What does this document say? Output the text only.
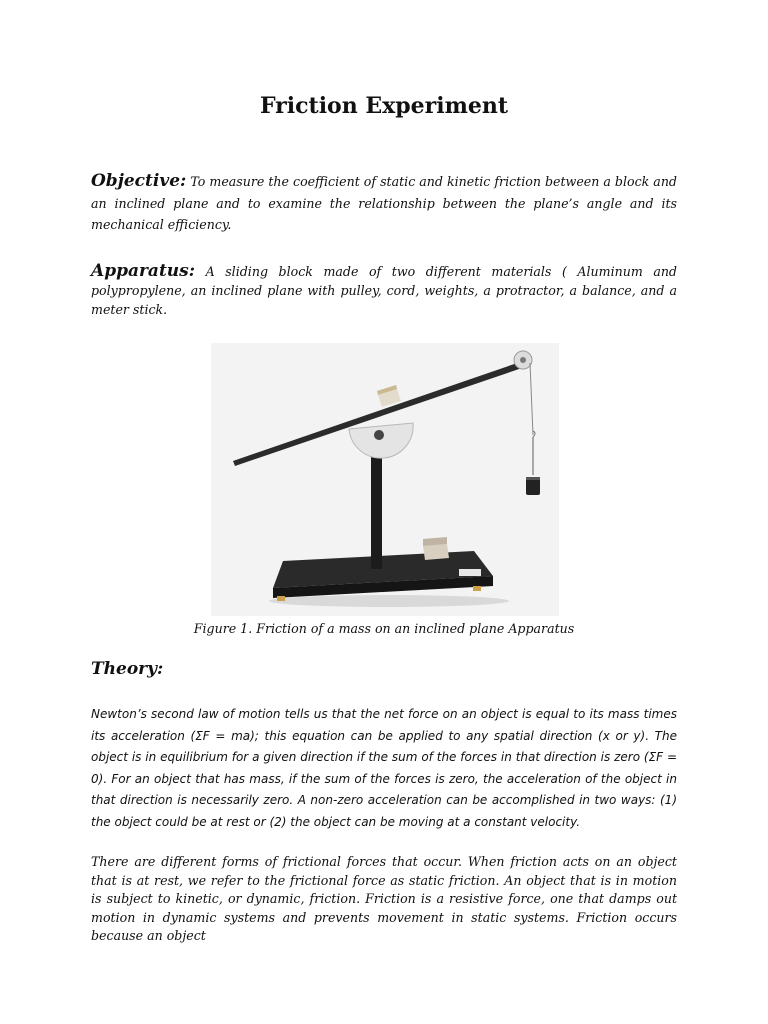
Friction Experiment

Objective: To measure the coefficient of static and kinetic friction between a block and an inclined plane and to examine the relationship between the plane’s angle and its mechanical efficiency.

Apparatus: A sliding block made of two different materials ( Aluminum and polypropylene, an inclined plane with pulley, cord, weights, a protractor, a balance, and a meter stick.

Figure 1. Friction of a mass on an inclined plane Apparatus
Theory:

Newton’s second law of motion tells us that the net force on an object is equal to its mass times its acceleration (ΣF = ma); this equation can be applied to any spatial direction (x or y). The object is in equilibrium for a given direction if the sum of the forces in that direction is zero (ΣF = 0). For an object that has mass, if the sum of the forces is zero, the acceleration of the object in that direction is necessarily zero. A non-zero acceleration can be accomplished in two ways: (1) the object could be at rest or (2) the object can be moving at a constant velocity.

There are different forms of frictional forces that occur. When friction acts on an object that is at rest, we refer to the frictional force as static friction. An object that is in motion is subject to kinetic, or dynamic, friction. Friction is a resistive force, one that damps out motion in dynamic systems and prevents movement in static systems. Friction occurs because an object
